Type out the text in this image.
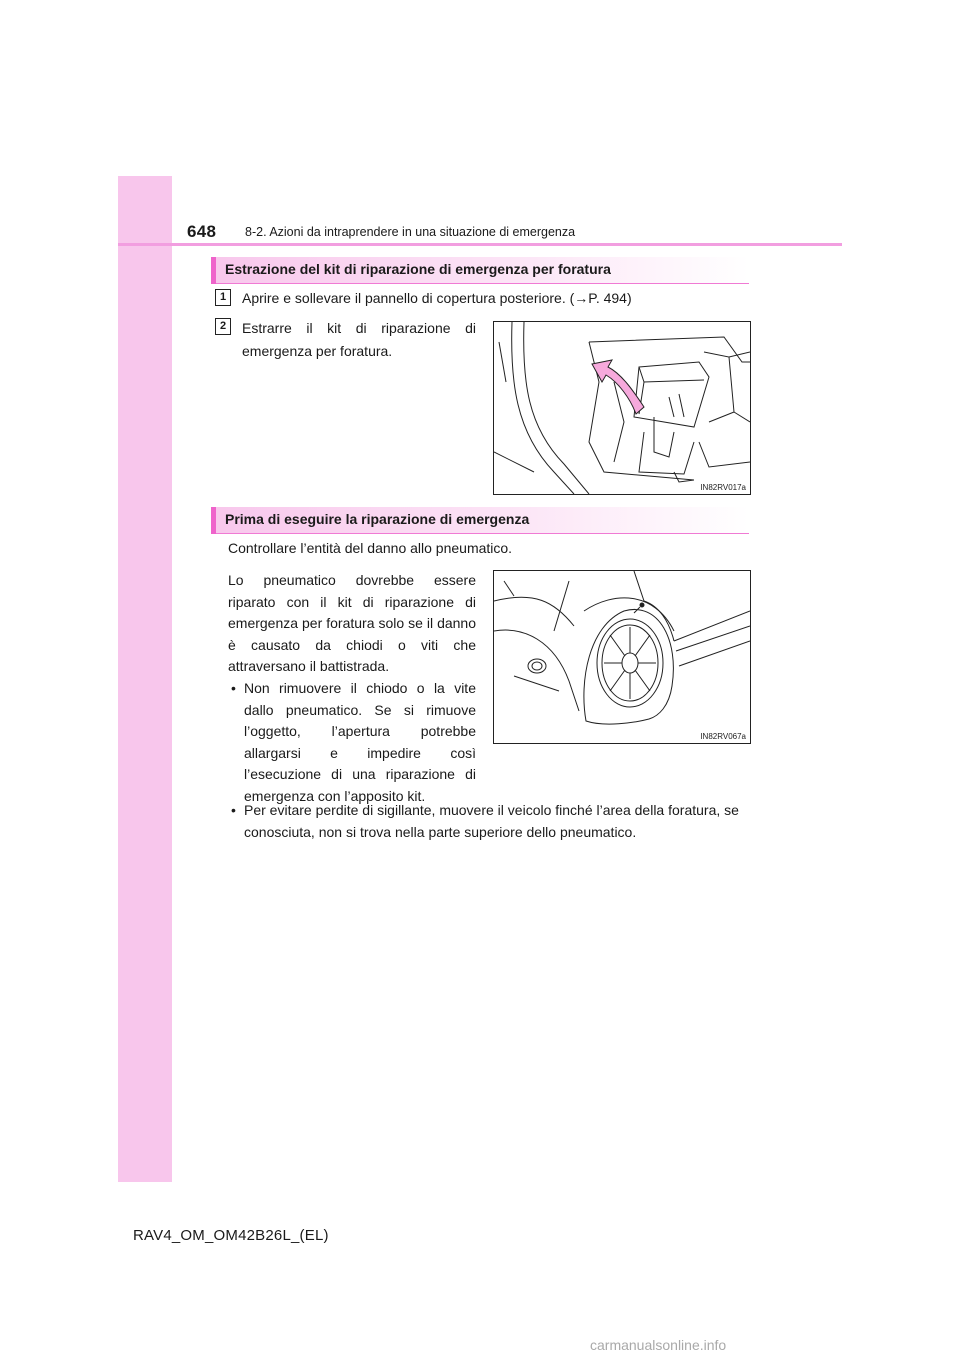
648 8-2. Azioni da intraprendere in una situazione di emergenza
Estrazione del kit di riparazione di emergenza per foratura
1	Aprire e sollevare il pannello di copertura posteriore. (→P. 494)
2	Estrarre il kit di riparazione di emergenza per foratura.
IN82RV017a
Prima di eseguire la riparazione di emergenza
Controllare l’entità del danno allo pneumatico.
Lo pneumatico dovrebbe essere riparato con il kit di riparazione di emergenza per foratura solo se il danno è causato da chiodi o viti che attraversano il battistrada.
• Non rimuovere il chiodo o la vite dallo pneumatico. Se si rimuove l’oggetto, l’apertura potrebbe allargarsi e impedire così l’esecuzione di una riparazione di emergenza con l’apposito kit.
• Per evitare perdite di sigillante, muovere il veicolo finché l’area della foratura, se conosciuta, non si trova nella parte superiore dello pneumatico.
IN82RV067a
RAV4_OM_OM42B26L_(EL)
carmanualsonline.info
